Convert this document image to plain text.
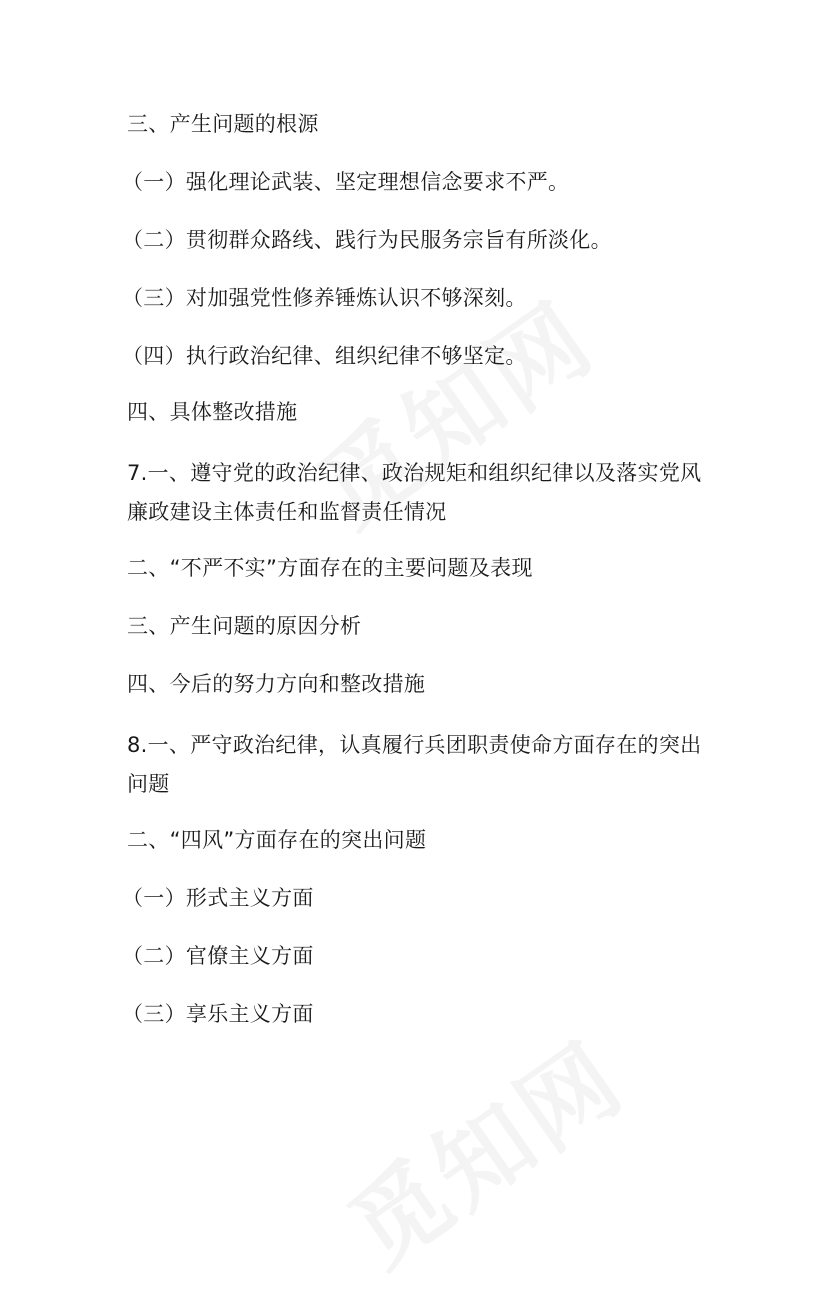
三、产生问题的根源
（一）强化理论武装、坚定理想信念要求不严。
（二）贯彻群众路线、践行为民服务宗旨有所淡化。
（三）对加强党性修养锤炼认识不够深刻。
（四）执行政治纪律、组织纪律不够坚定。
四、具体整改措施
7.一、遵守党的政治纪律、政治规矩和组织纪律以及落实党风廉政建设主体责任和监督责任情况
二、“不严不实”方面存在的主要问题及表现
三、产生问题的原因分析
四、今后的努力方向和整改措施
8.一、严守政治纪律，认真履行兵团职责使命方面存在的突出问题
二、“四风”方面存在的突出问题
（一）形式主义方面
（二）官僚主义方面
（三）享乐主义方面
